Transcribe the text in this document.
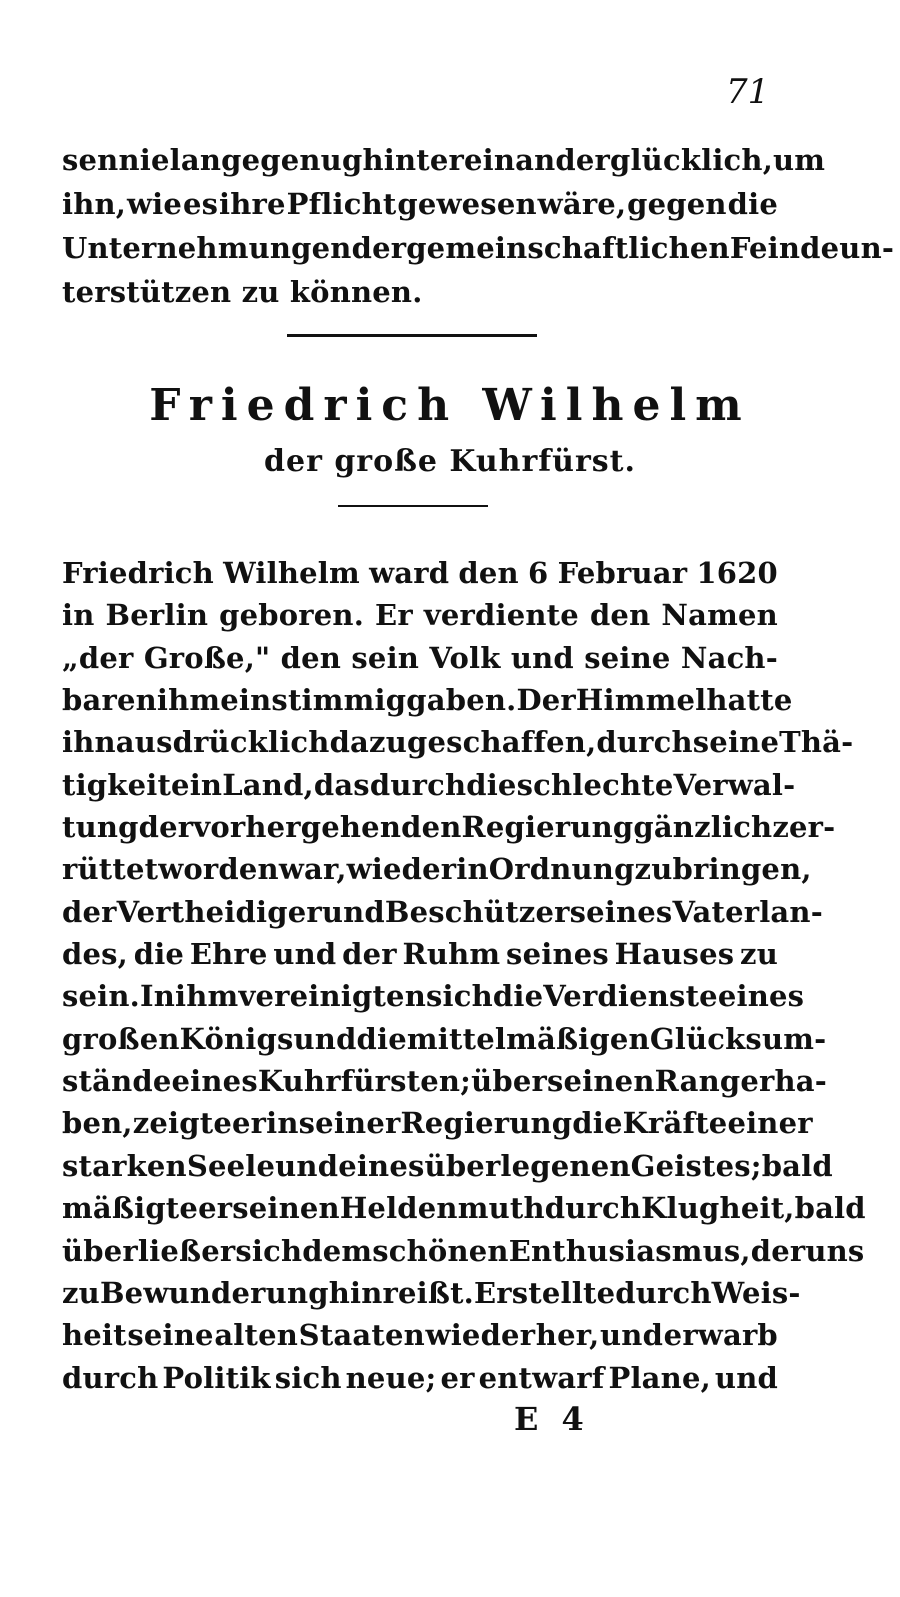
71
sen nie lange genug hintereinander glücklich, um
ihn, wie es ihre Pflicht gewesen wäre, gegen die
Unternehmungen der gemeinschaftlichen Feinde un-
terstützen zu können.
Friedrich Wilhelm
der große Kuhrfürst.
Friedrich Wilhelm ward den 6 Februar 1620
in Berlin geboren. Er verdiente den Namen
„der Große," den sein Volk und seine Nach-
baren ihm einstimmig gaben. Der Himmel hatte
ihn ausdrücklich dazu geschaffen, durch seine Thä-
tigkeit ein Land, das durch die schlechte Verwal-
tung der vorhergehenden Regierung gänzlich zer-
rüttet worden war, wieder in Ordnung zu bringen,
der Vertheidiger und Beschützer seines Vaterlan-
des, die Ehre und der Ruhm seines Hauses zu
sein. In ihm vereinigten sich die Verdienste eines
großen Königs und die mittelmäßigen Glücksum-
stände eines Kuhrfürsten; über seinen Rang erha-
ben, zeigte er in seiner Regierung die Kräfte einer
starken Seele und eines überlegenen Geistes; bald
mäßigte er seinen Heldenmuth durch Klugheit, bald
überließ er sich dem schönen Enthusiasmus, der uns
zu Bewunderung hinreißt. Er stellte durch Weis-
heit seine alten Staaten wieder her, und erwarb
durch Politik sich neue; er entwarf Plane, und
E 4
